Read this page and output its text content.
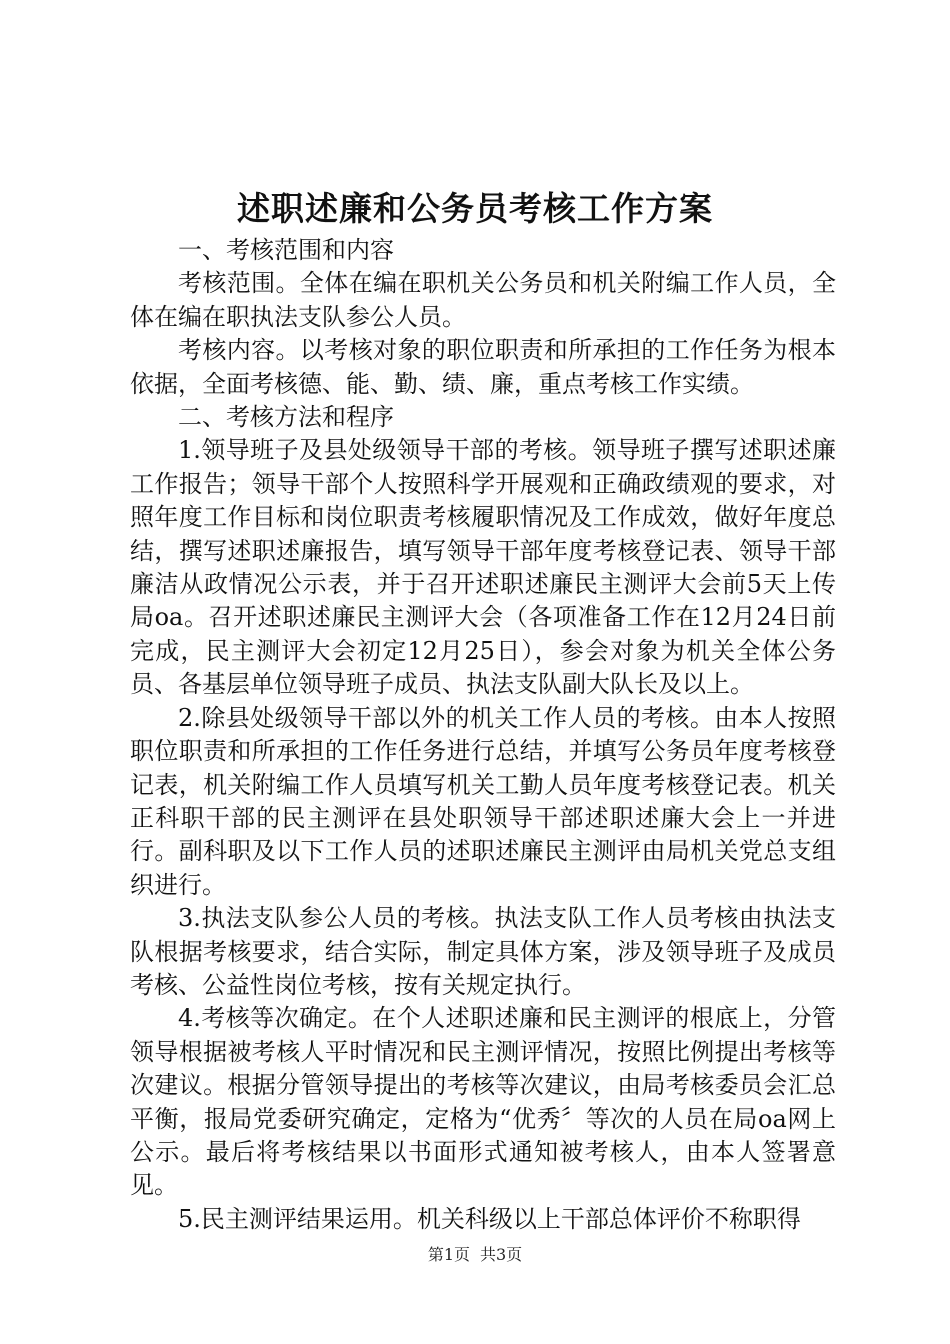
述职述廉和公务员考核工作方案

一、考核范围和内容

考核范围。全体在编在职机关公务员和机关附编工作人员，全体在编在职执法支队参公人员。

考核内容。以考核对象的职位职责和所承担的工作任务为根本依据，全面考核德、能、勤、绩、廉，重点考核工作实绩。

二、考核方法和程序

1.领导班子及县处级领导干部的考核。领导班子撰写述职述廉工作报告；领导干部个人按照科学开展观和正确政绩观的要求，对照年度工作目标和岗位职责考核履职情况及工作成效，做好年度总结，撰写述职述廉报告，填写领导干部年度考核登记表、领导干部廉洁从政情况公示表，并于召开述职述廉民主测评大会前5天上传局oa。召开述职述廉民主测评大会（各项准备工作在12月24日前完成，民主测评大会初定12月25日），参会对象为机关全体公务员、各基层单位领导班子成员、执法支队副大队长及以上。

2.除县处级领导干部以外的机关工作人员的考核。由本人按照职位职责和所承担的工作任务进行总结，并填写公务员年度考核登记表，机关附编工作人员填写机关工勤人员年度考核登记表。机关正科职干部的民主测评在县处职领导干部述职述廉大会上一并进行。副科职及以下工作人员的述职述廉民主测评由局机关党总支组织进行。

3.执法支队参公人员的考核。执法支队工作人员考核由执法支队根据考核要求，结合实际，制定具体方案，涉及领导班子及成员考核、公益性岗位考核，按有关规定执行。

4.考核等次确定。在个人述职述廉和民主测评的根底上，分管领导根据被考核人平时情况和民主测评情况，按照比例提出考核等次建议。根据分管领导提出的考核等次建议，由局考核委员会汇总平衡，报局党委研究确定，定格为“优秀〞等次的人员在局oa网上公示。最后将考核结果以书面形式通知被考核人，由本人签署意见。

5.民主测评结果运用。机关科级以上干部总体评价不称职得

第1页 共3页
